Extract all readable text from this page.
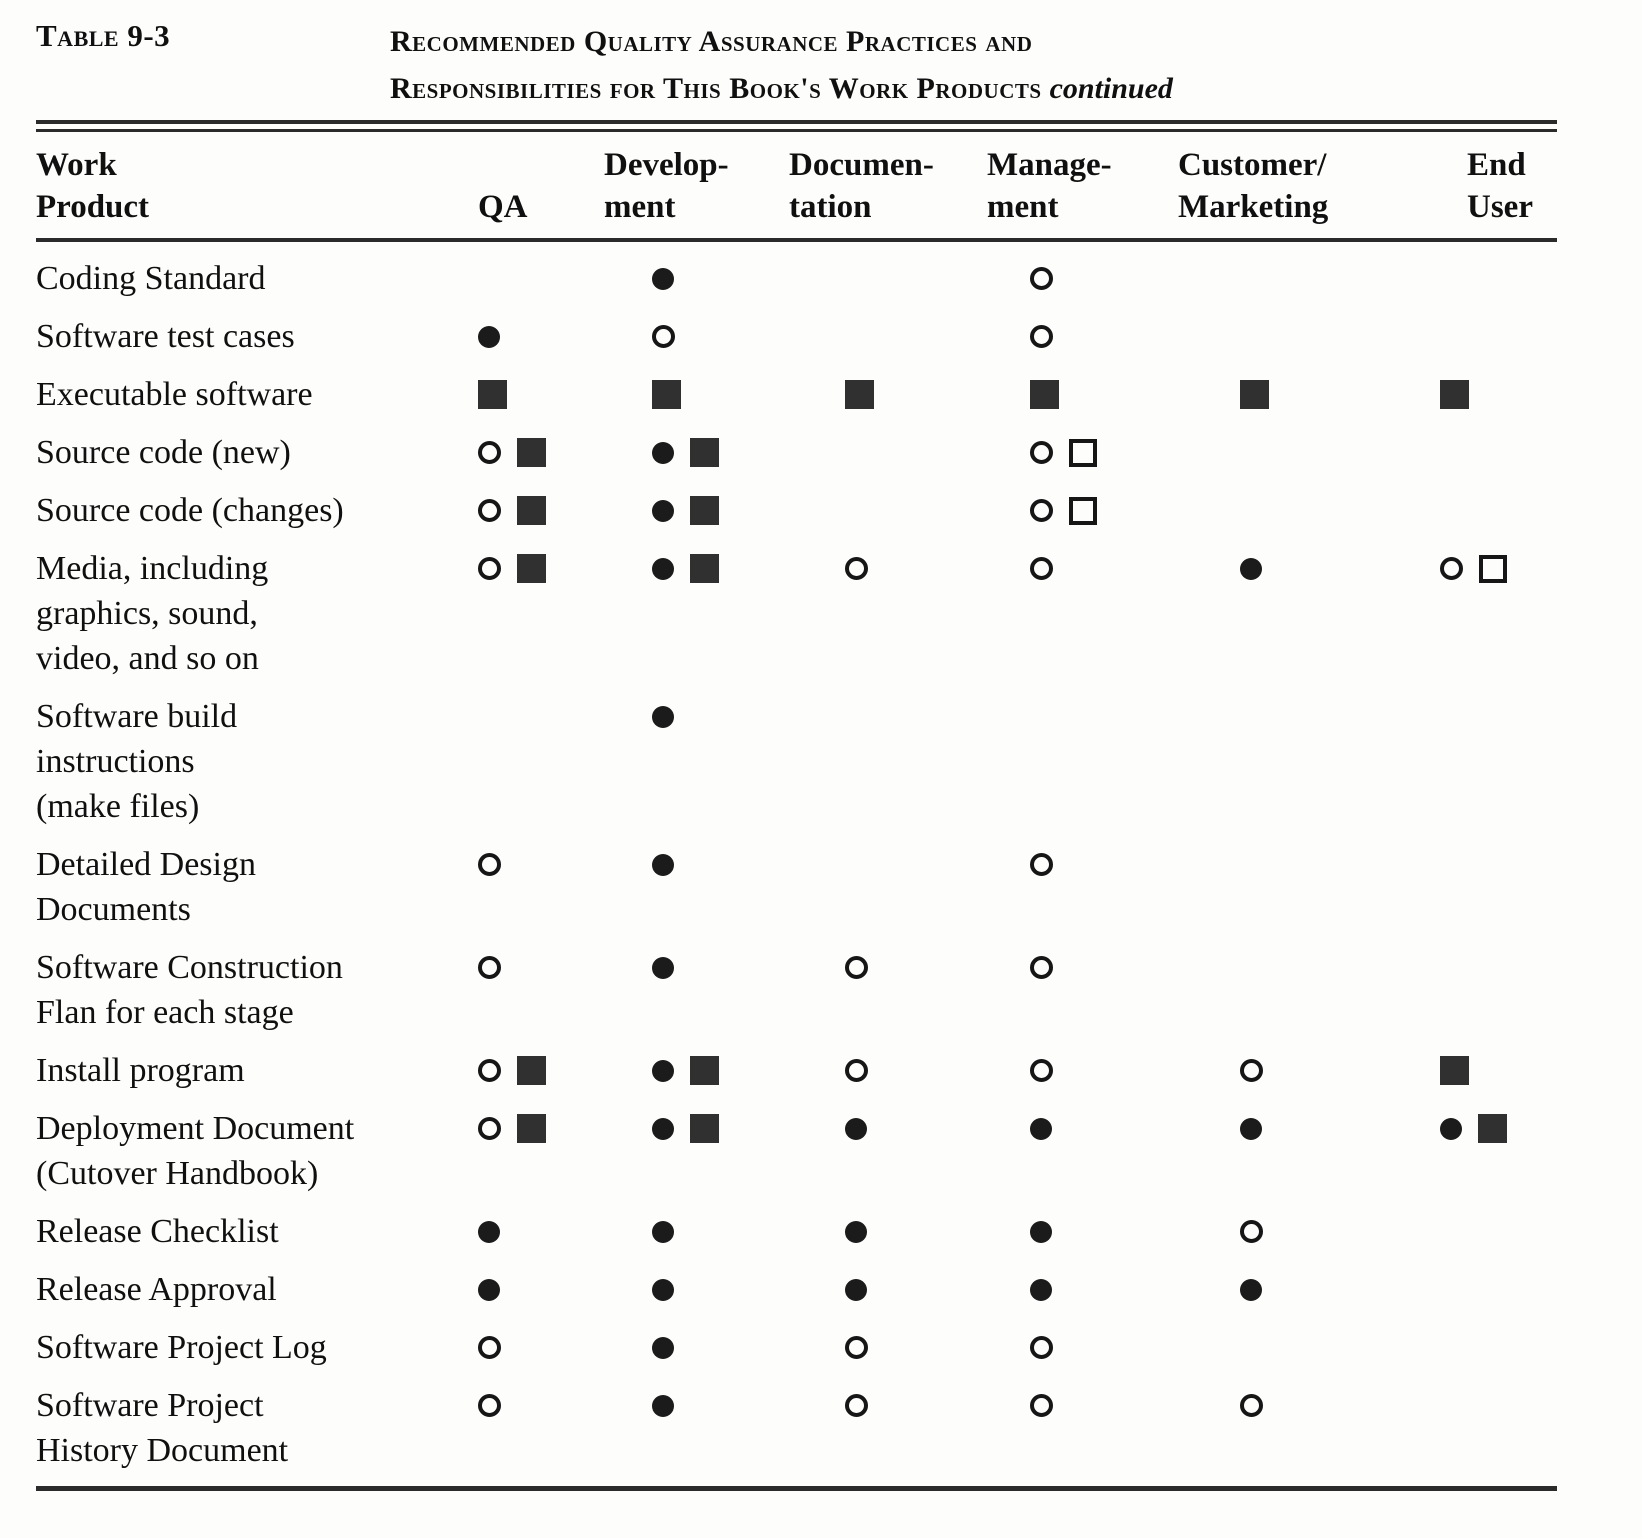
Table 9-3	Recommended Quality Assurance Practices and
Responsibilities for This Book's Work Products continued
Work
Product	QA
Develop-
ment
Documen-
tation
Manage-
ment
Customer/
Marketing
End
User
Coding Standard
Software test cases
Executable software
Source code (new)
Source code (changes)
Media, including
graphics, sound,
video, and so on
Software build
instructions
(make files)
Detailed Design
Documents
Software Construction
Flan for each stage
Install program
Deployment Document
(Cutover Handbook)
Release Checklist
Release Approval
Software Project Log
Software Project
History Document
